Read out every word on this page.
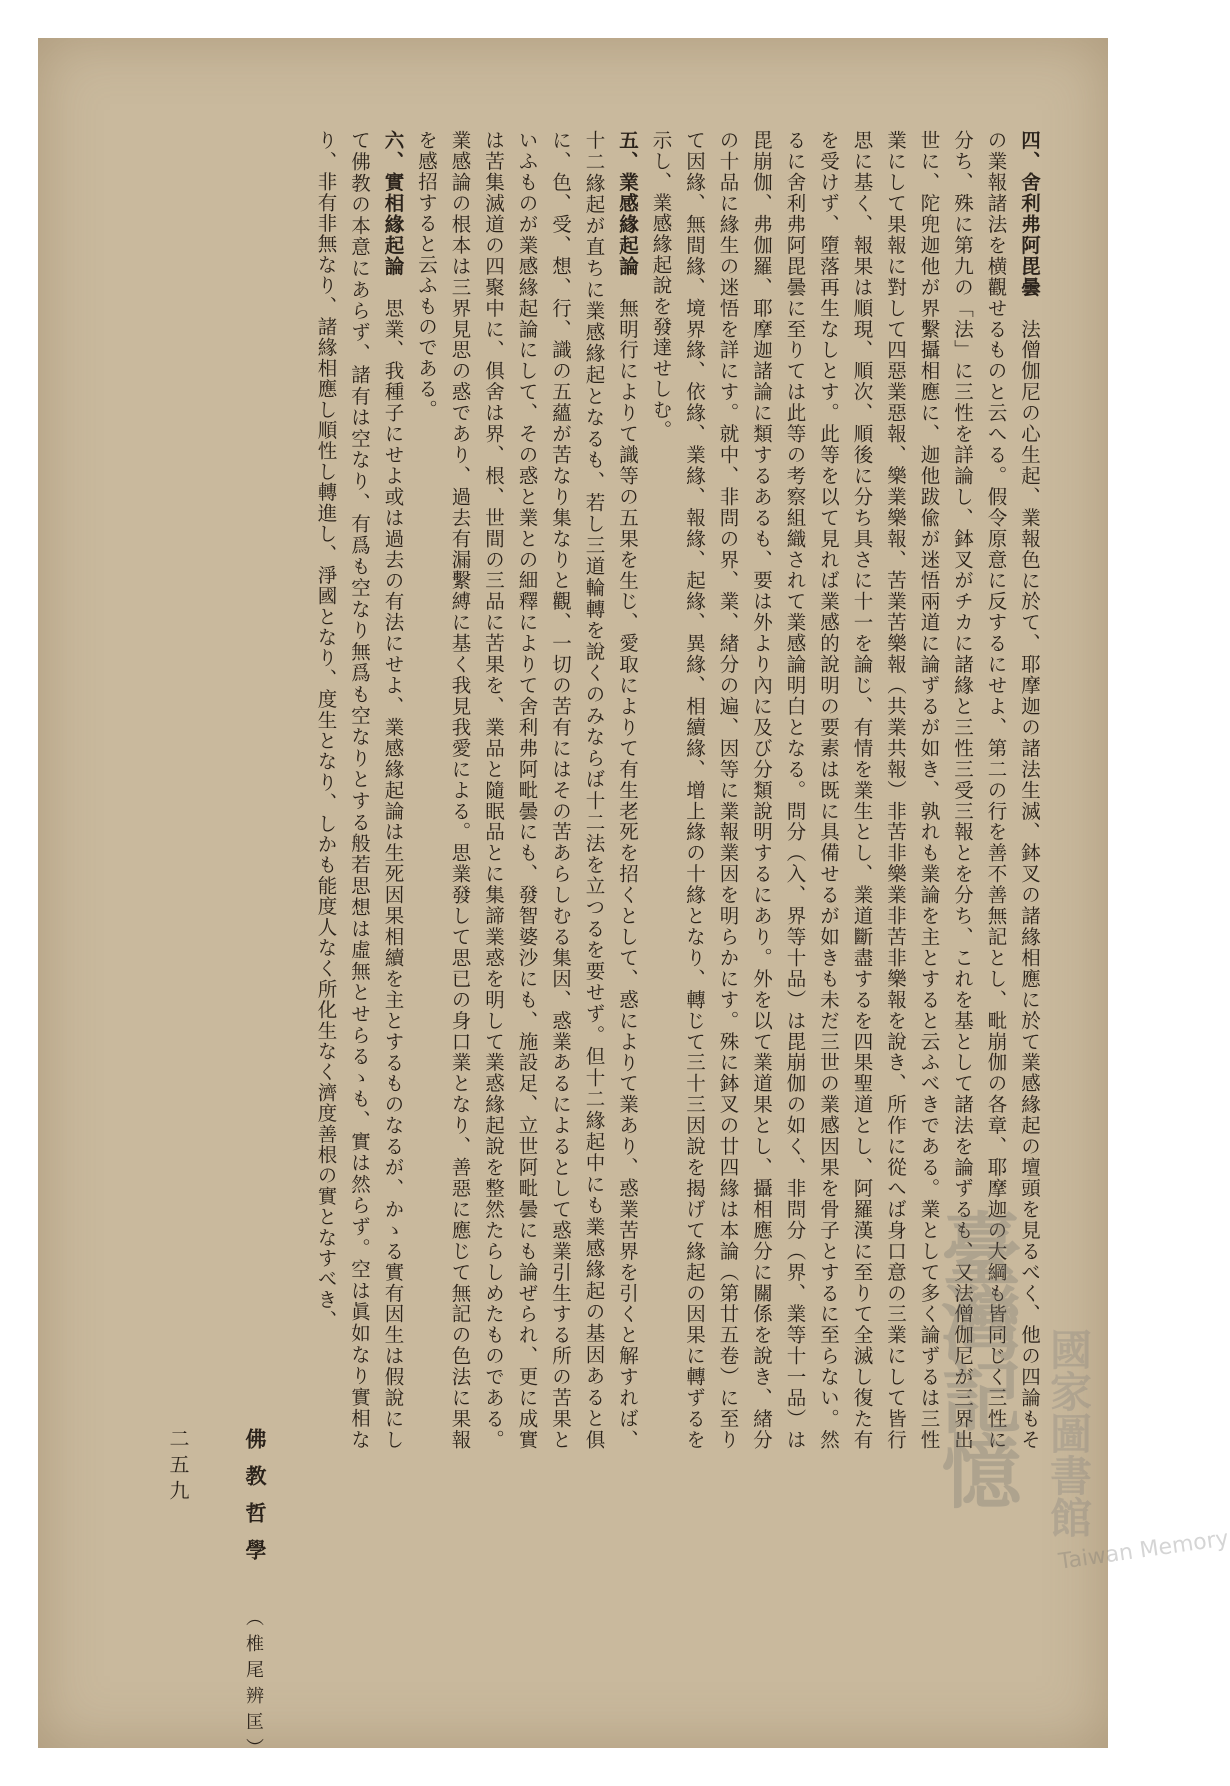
四、舍利弗阿毘曇　法僧伽尼の心生起、業報色に於て、耶摩迦の諸法生滅、鉢叉の諸緣相應に於て業感緣起の壇頭を見るべく、他の四論もその業報諸法を横觀せるものと云へる。假令原意に反するにせよ、第二の行を善不善無記とし、毗崩伽の各章、耶摩迦の大綱も皆同じく三性に分ち、殊に第九の「法」に三性を詳論し、鉢叉がチカに諸緣と三性三受三報とを分ち、これを基として諸法を論ずるも、又法僧伽尼が三界出世に、陀兜迦他が界繫攝相應に、迦他跋偸が迷悟兩道に論ずるが如き、孰れも業論を主とすると云ふべきである。業として多く論ずるは三性業にして果報に對して四惡業惡報、樂業樂報、苦業苦樂報（共業共報）非苦非樂業非苦非樂報を說き、所作に從へば身口意の三業にして皆行思に基く、報果は順現、順次、順後に分ち具さに十一を論じ、有情を業生とし、業道斷盡するを四果聖道とし、阿羅漢に至りて全滅し復た有を受けず、墮落再生なしとす。此等を以て見れば業感的說明の要素は既に具備せるが如きも未だ三世の業感因果を骨子とするに至らない。然るに舍利弗阿毘曇に至りては此等の考察組織されて業感論明白となる。問分（入、界等十品）は毘崩伽の如く、非問分（界、業等十一品）は毘崩伽、弗伽羅、耶摩迦諸論に類するあるも、要は外より內に及び分類說明するにあり。外を以て業道果とし、攝相應分に關係を說き、緖分の十品に緣生の迷悟を詳にす。就中、非問の界、業、緖分の遍、因等に業報業因を明らかにす。殊に鉢叉の廿四緣は本論（第廿五卷）に至りて因緣、無間緣、境界緣、依緣、業緣、報緣、起緣、異緣、相續緣、增上緣の十緣となり、轉じて三十三因說を揭げて緣起の因果に轉ずるを示し、業感緣起說を發達せしむ。

五、業感緣起論　無明行によりて識等の五果を生じ、愛取によりて有生老死を招くとして、惑によりて業あり、惑業苦界を引くと解すれば、十二緣起が直ちに業感緣起となるも、若し三道輪轉を說くのみならば十二法を立つるを要せず。但十二緣起中にも業感緣起の基因あると俱に、色、受、想、行、識の五蘊が苦なり集なりと觀、一切の苦有にはその苦あらしむる集因、惑業あるによるとして惑業引生する所の苦果といふものが業感緣起論にして、その惑と業との細釋によりて舍利弗阿毗曇にも、發智婆沙にも、施設足、立世阿毗曇にも論ぜられ、更に成實は苦集滅道の四聚中に、俱舍は界、根、世間の三品に苦果を、業品と隨眠品とに集諦業惑を明して業惑緣起說を整然たらしめたものである。業感論の根本は三界見思の惑であり、過去有漏繫縛に基く我見我愛による。思業發して思已の身口業となり、善惡に應じて無記の色法に果報を感招すると云ふものである。

六、實相緣起論　思業、我種子にせよ或は過去の有法にせよ、業感緣起論は生死因果相續を主とするものなるが、かゝる實有因生は假說にして佛教の本意にあらず、諸有は空なり、有爲も空なり無爲も空なりとする般若思想は虛無とせらるゝも、實は然らず。空は眞如なり實相なり、非有非無なり、諸緣相應し順性し轉進し、淨國となり、度生となり、しかも能度人なく所化生なく濟度善根の實となすべき、

佛教哲學
（椎尾辨匡）
二五九	臺灣記憶 國家圖書館
Taiwan Memory
